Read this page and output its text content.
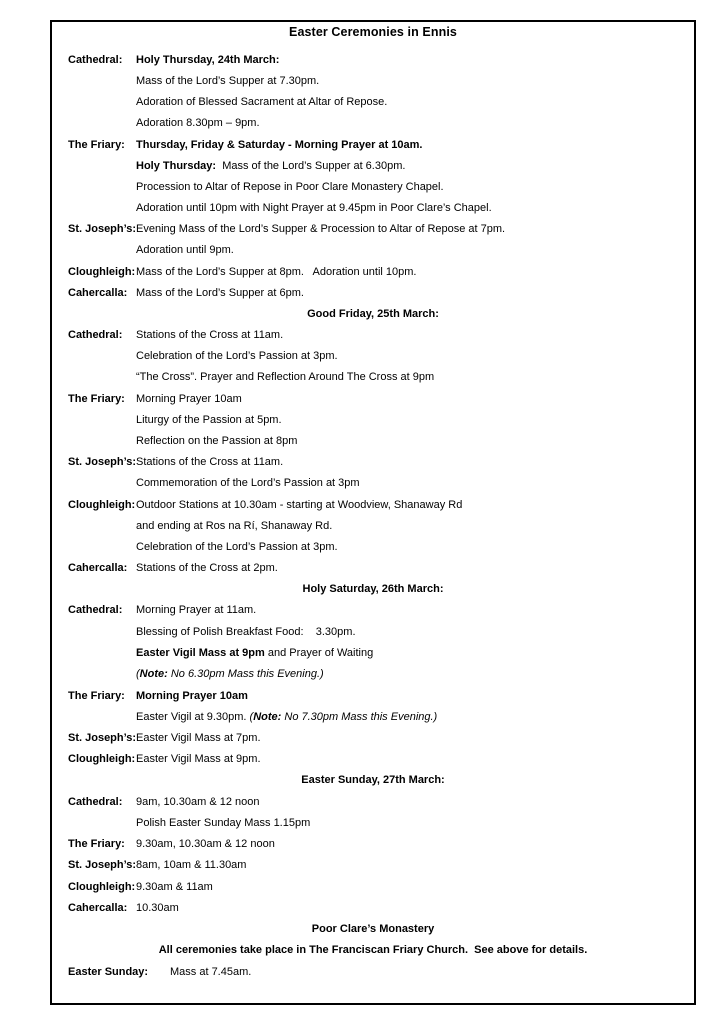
Easter Ceremonies in Ennis
Cathedral: Holy Thursday, 24th March:
Mass of the Lord’s Supper at 7.30pm.
Adoration of Blessed Sacrament at Altar of Repose.
Adoration 8.30pm – 9pm.
The Friary: Thursday, Friday & Saturday - Morning Prayer at 10am.
Holy Thursday:  Mass of the Lord’s Supper at 6.30pm.
Procession to Altar of Repose in Poor Clare Monastery Chapel.
Adoration until 10pm with Night Prayer at 9.45pm in Poor Clare’s Chapel.
St. Joseph’s: Evening Mass of the Lord’s Supper & Procession to Altar of Repose at 7pm.
Adoration until 9pm.
Cloughleigh: Mass of the Lord’s Supper at 8pm.   Adoration until 10pm.
Cahercalla: Mass of the Lord’s Supper at 6pm.
Good Friday, 25th March:
Cathedral: Stations of the Cross at 11am.
Celebration of the Lord’s Passion at 3pm.
“The Cross”. Prayer and Reflection Around The Cross at 9pm
The Friary: Morning Prayer 10am
Liturgy of the Passion at 5pm.
Reflection on the Passion at 8pm
St. Joseph’s: Stations of the Cross at 11am.
Commemoration of the Lord’s Passion at 3pm
Cloughleigh: Outdoor Stations at 10.30am - starting at Woodview, Shanaway Rd
and ending at Ros na Rí, Shanaway Rd.
Celebration of the Lord’s Passion at 3pm.
Cahercalla: Stations of the Cross at 2pm.
Holy Saturday, 26th March:
Cathedral: Morning Prayer at 11am.
Blessing of Polish Breakfast Food:    3.30pm.
Easter Vigil Mass at 9pm and Prayer of Waiting
(Note: No 6.30pm Mass this Evening.)
The Friary: Morning Prayer 10am
Easter Vigil at 9.30pm. (Note: No 7.30pm Mass this Evening.)
St. Joseph’s: Easter Vigil Mass at 7pm.
Cloughleigh: Easter Vigil Mass at 9pm.
Easter Sunday, 27th March:
Cathedral: 9am, 10.30am & 12 noon
Polish Easter Sunday Mass 1.15pm
The Friary: 9.30am, 10.30am & 12 noon
St. Joseph’s: 8am, 10am & 11.30am
Cloughleigh: 9.30am & 11am
Cahercalla: 10.30am
Poor Clare’s Monastery
All ceremonies take place in The Franciscan Friary Church.  See above for details.
Easter Sunday: Mass at 7.45am.
